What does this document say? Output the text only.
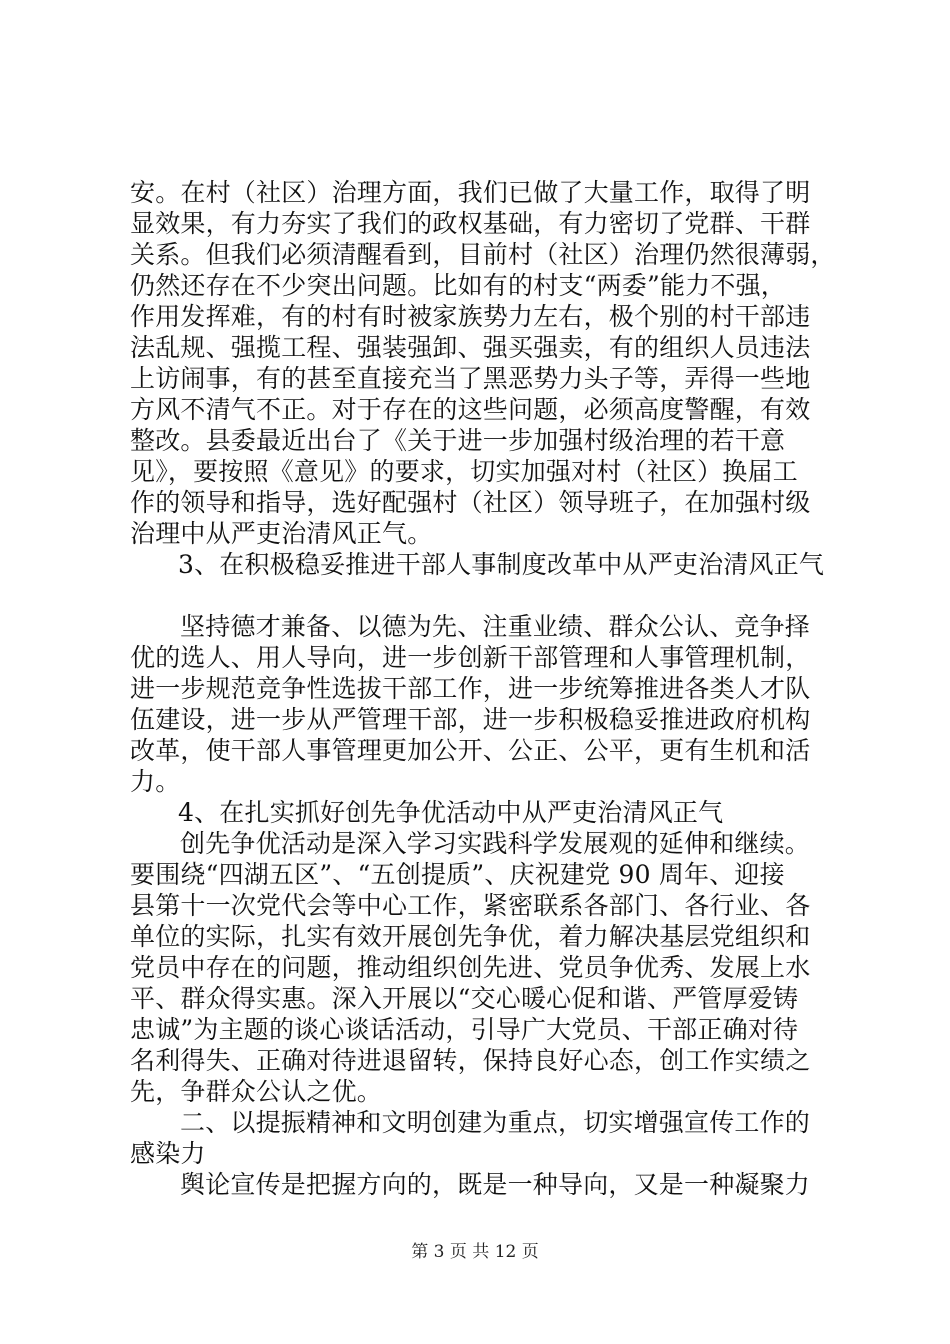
安。在村（社区）治理方面，我们已做了大量工作，取得了明
显效果，有力夯实了我们的政权基础，有力密切了党群、干群
关系。但我们必须清醒看到，目前村（社区）治理仍然很薄弱，
仍然还存在不少突出问题。比如有的村支“两委”能力不强，
作用发挥难，有的村有时被家族势力左右，极个别的村干部违
法乱规、强揽工程、强装强卸、强买强卖，有的组织人员违法
上访闹事，有的甚至直接充当了黑恶势力头子等，弄得一些地
方风不清气不正。对于存在的这些问题，必须高度警醒，有效
整改。县委最近出台了《关于进一步加强村级治理的若干意
见》，要按照《意见》的要求，切实加强对村（社区）换届工
作的领导和指导，选好配强村（社区）领导班子，在加强村级
治理中从严吏治清风正气。
3、在积极稳妥推进干部人事制度改革中从严吏治清风正气
坚持德才兼备、以德为先、注重业绩、群众公认、竞争择
优的选人、用人导向，进一步创新干部管理和人事管理机制，
进一步规范竞争性选拔干部工作，进一步统筹推进各类人才队
伍建设，进一步从严管理干部，进一步积极稳妥推进政府机构
改革，使干部人事管理更加公开、公正、公平，更有生机和活
力。
4、在扎实抓好创先争优活动中从严吏治清风正气
创先争优活动是深入学习实践科学发展观的延伸和继续。
要围绕“四湖五区”、“五创提质”、庆祝建党 90 周年、迎接
县第十一次党代会等中心工作，紧密联系各部门、各行业、各
单位的实际，扎实有效开展创先争优，着力解决基层党组织和
党员中存在的问题，推动组织创先进、党员争优秀、发展上水
平、群众得实惠。深入开展以“交心暖心促和谐、严管厚爱铸
忠诚”为主题的谈心谈话活动，引导广大党员、干部正确对待
名利得失、正确对待进退留转，保持良好心态，创工作实绩之
先，争群众公认之优。
二、以提振精神和文明创建为重点，切实增强宣传工作的
感染力
舆论宣传是把握方向的，既是一种导向，又是一种凝聚力
第 3 页 共 12 页
